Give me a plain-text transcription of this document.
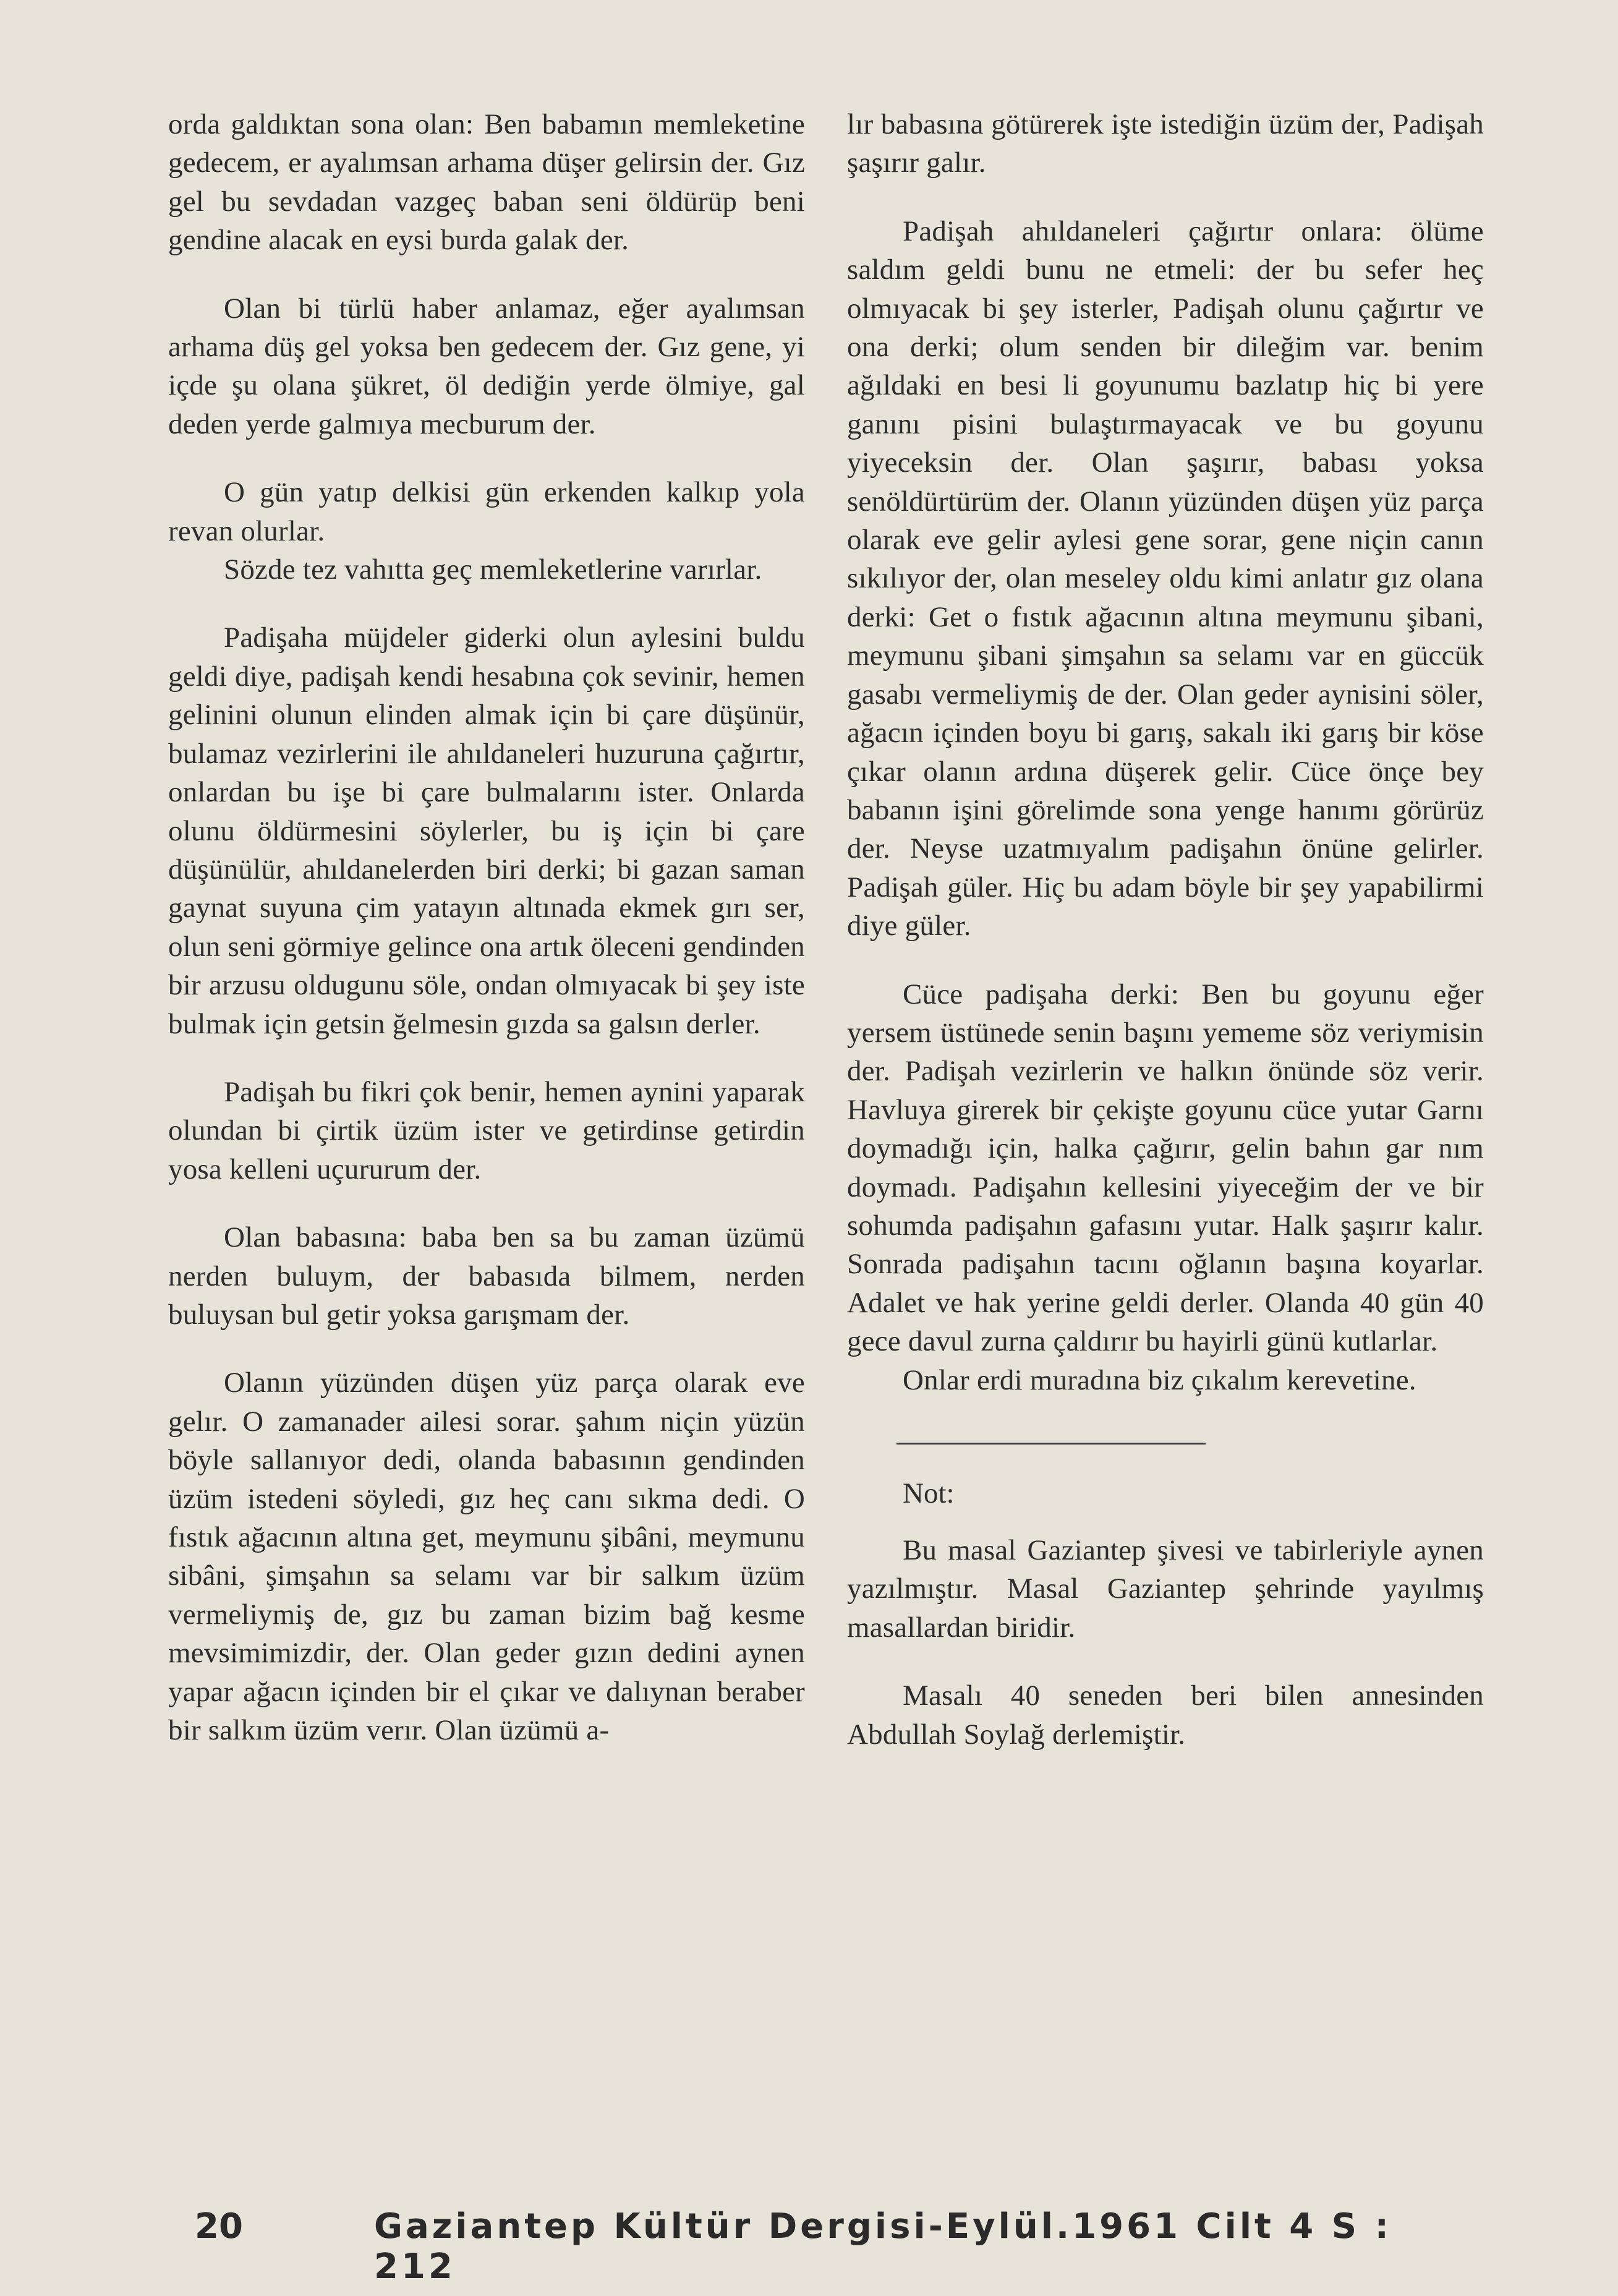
orda galdıktan sona olan: Ben babamın memleketine gedecem, er ayalımsan arhama düşer gelirsin der. Gız gel bu sevdadan vazgeç baban seni öldürüp beni gendine alacak en eysi burda galak der.

Olan bi türlü haber anlamaz, eğer ayalımsan arhama düş gel yoksa ben gedecem der. Gız gene, yi içde şu olana şükret, öl dediğin yerde ölmiye, gal deden yerde galmıya mecburum der.

O gün yatıp delkisi gün erkenden kalkıp yola revan olurlar.

Sözde tez vahıtta geç memleketlerine varırlar.

Padişaha müjdeler giderki olun aylesini buldu geldi diye, padişah kendi hesabına çok sevinir, hemen gelinini olunun elinden almak için bi çare düşünür, bulamaz vezirlerini ile ahıldaneleri huzuruna çağırtır, onlardan bu işe bi çare bulmalarını ister. Onlarda olunu öldürmesini söylerler, bu iş için bi çare düşünülür, ahıldanelerden biri derki; bi gazan saman gaynat suyuna çim yatayın altınada ekmek gırı ser, olun seni görmiye gelince ona artık öleceni gendinden bir arzusu oldugunu söle, ondan olmıyacak bi şey iste bulmak için getsin ğelmesin gızda sa galsın derler.

Padişah bu fikri çok benir, hemen aynini yaparak olundan bi çirtik üzüm ister ve getirdinse getirdin yosa kelleni uçururum der.

Olan babasına: baba ben sa bu zaman üzümü nerden buluym, der babasıda bilmem, nerden buluysan bul getir yoksa garışmam der.

Olanın yüzünden düşen yüz parça olarak eve gelır. O zamanader ailesi sorar. şahım niçin yüzün böyle sallanıyor dedi, olanda babasının gendinden üzüm istedeni söyledi, gız heç canı sıkma dedi. O fıstık ağacının altına get, meymunu şibâni, meymunu sibâni, şimşahın sa selamı var bir salkım üzüm vermeliymiş de, gız bu zaman bizim bağ kesme mevsimimizdir, der. Olan geder gızın dedini aynen yapar ağacın içinden bir el çıkar ve dalıynan beraber bir salkım üzüm verır. Olan üzümü a-

lır babasına götürerek işte istediğin üzüm der, Padişah şaşırır galır.

Padişah ahıldaneleri çağırtır onlara: ölüme saldım geldi bunu ne etmeli: der bu sefer heç olmıyacak bi şey isterler, Padişah olunu çağırtır ve ona derki; olum senden bir dileğim var. benim ağıldaki en besi li goyunumu bazlatıp hiç bi yere ganını pisini bulaştırmayacak ve bu goyunu yiyeceksin der. Olan şaşırır, babası yoksa senöldürtürüm der. Olanın yüzünden düşen yüz parça olarak eve gelir aylesi gene sorar, gene niçin canın sıkılıyor der, olan meseley oldu kimi anlatır gız olana derki: Get o fıstık ağacının altına meymunu şibani, meymunu şibani şimşahın sa selamı var en güccük gasabı vermeliymiş de der. Olan geder aynisini söler, ağacın içinden boyu bi garış, sakalı iki garış bir köse çıkar olanın ardına düşerek gelir. Cüce önçe bey babanın işini görelimde sona yenge hanımı görürüz der. Neyse uzatmıyalım padişahın önüne gelirler. Padişah güler. Hiç bu adam böyle bir şey yapabilirmi diye güler.

Cüce padişaha derki: Ben bu goyunu eğer yersem üstünede senin başını yememe söz veriymisin der. Padişah vezirlerin ve halkın önünde söz verir. Havluya girerek bir çekişte goyunu cüce yutar Garnı doymadığı için, halka çağırır, gelin bahın gar nım doymadı. Padişahın kellesini yiyeceğim der ve bir sohumda padişahın gafasını yutar. Halk şaşırır kalır. Sonrada padişahın tacını oğlanın başına koyarlar. Adalet ve hak yerine geldi derler. Olanda 40 gün 40 gece davul zurna çaldırır bu hayirli günü kutlarlar.

Onlar erdi muradına biz çıkalım kerevetine.

Not:

Bu masal Gaziantep şivesi ve tabirleriyle aynen yazılmıştır. Masal Gaziantep şehrinde yayılmış masallardan biridir.

Masalı 40 seneden beri bilen annesinden Abdullah Soylağ derlemiştir.

20	Gaziantep Kültür Dergisi-Eylül.1961 Cilt 4 S : 212
